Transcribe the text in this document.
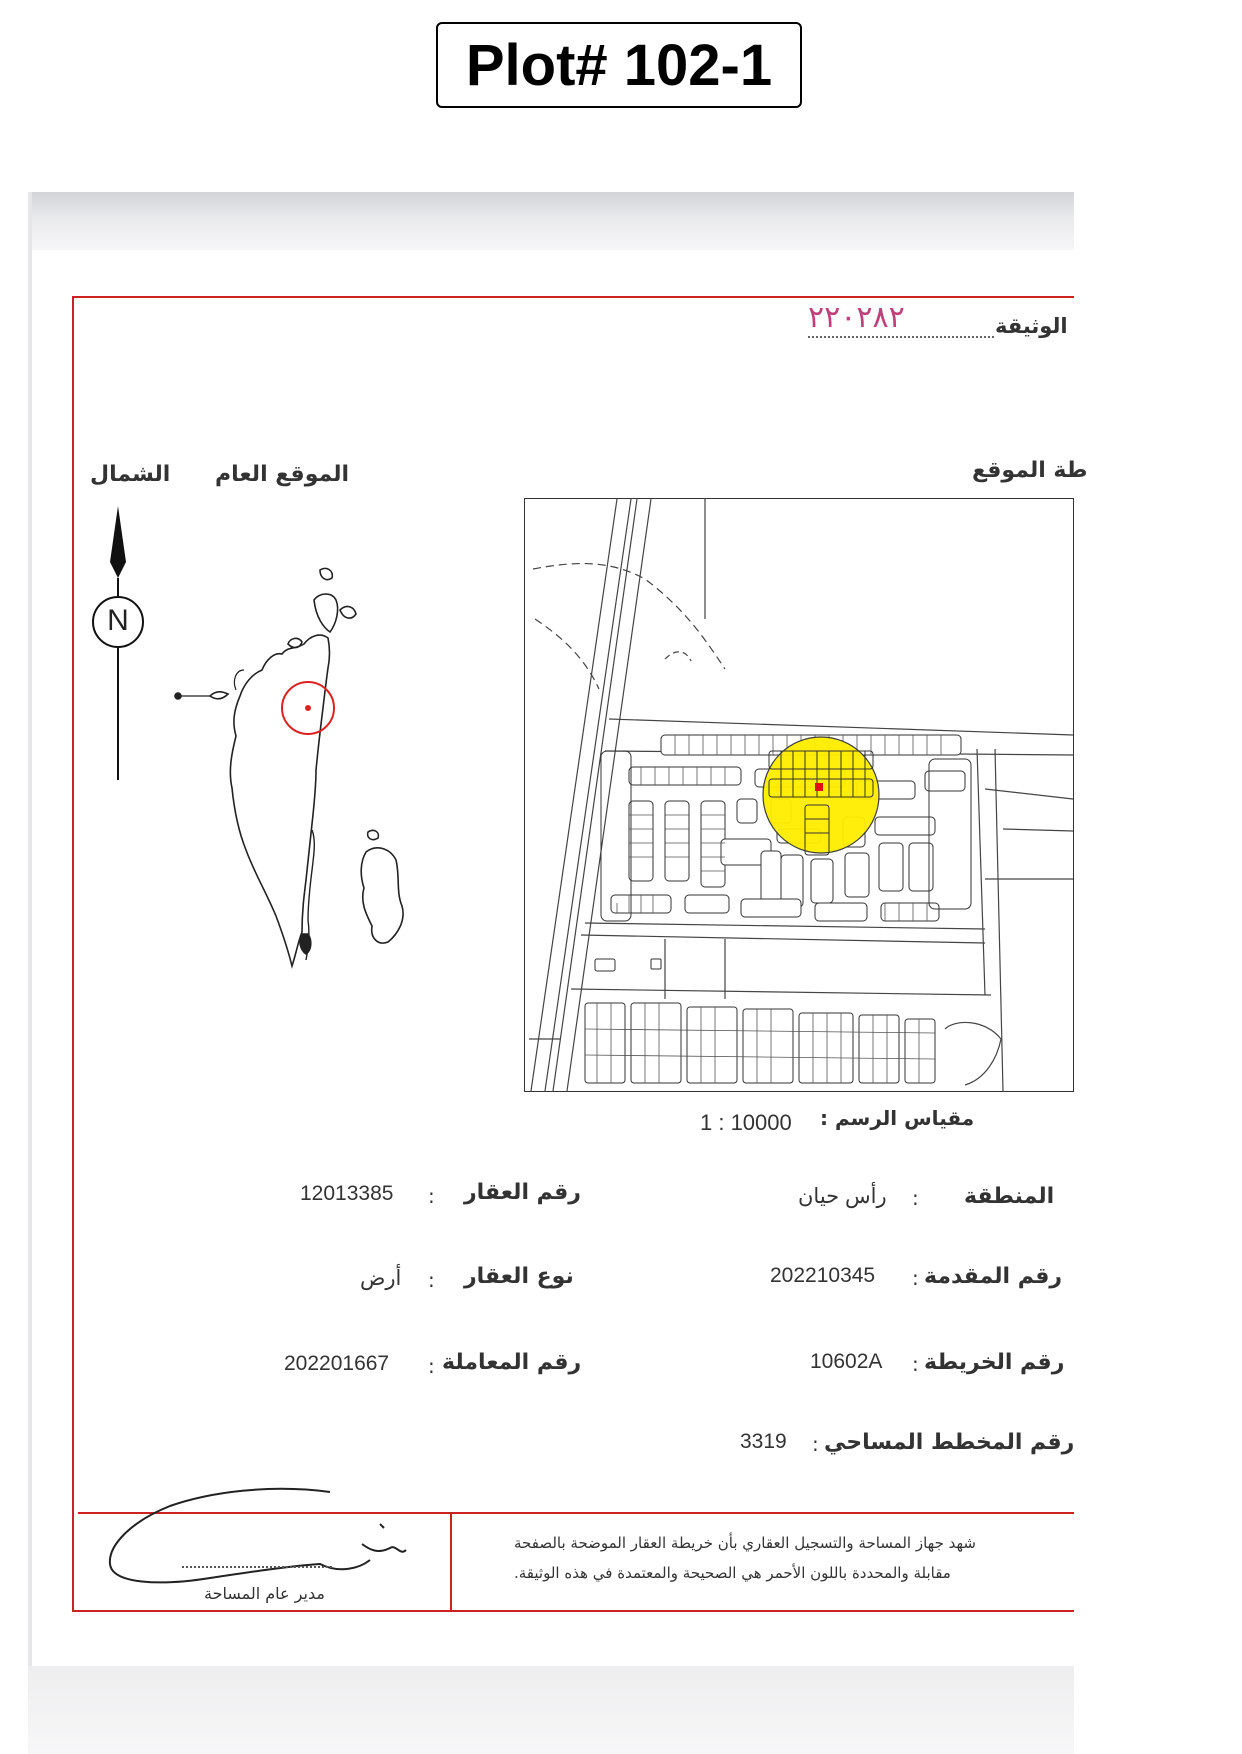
Plot# 102-1
الوثيقة
٢٢٠٢٨٢
طة الموقع
الموقع العام
الشمال
N
مقياس الرسم :
1 : 10000
المنطقة
:
رأس حيان
رقم المقدمة
:
202210345
رقم الخريطة
:
10602A
رقم المخطط المساحي
:
3319
رقم العقار
:
12013385
نوع العقار
:
أرض
رقم المعاملة
:
202201667
شهد جهاز المساحة والتسجيل العقاري بأن خريطة العقار الموضحة بالصفحة
مقابلة والمحددة باللون الأحمر هي الصحيحة والمعتمدة في هذه الوثيقة.
مدير عام المساحة
